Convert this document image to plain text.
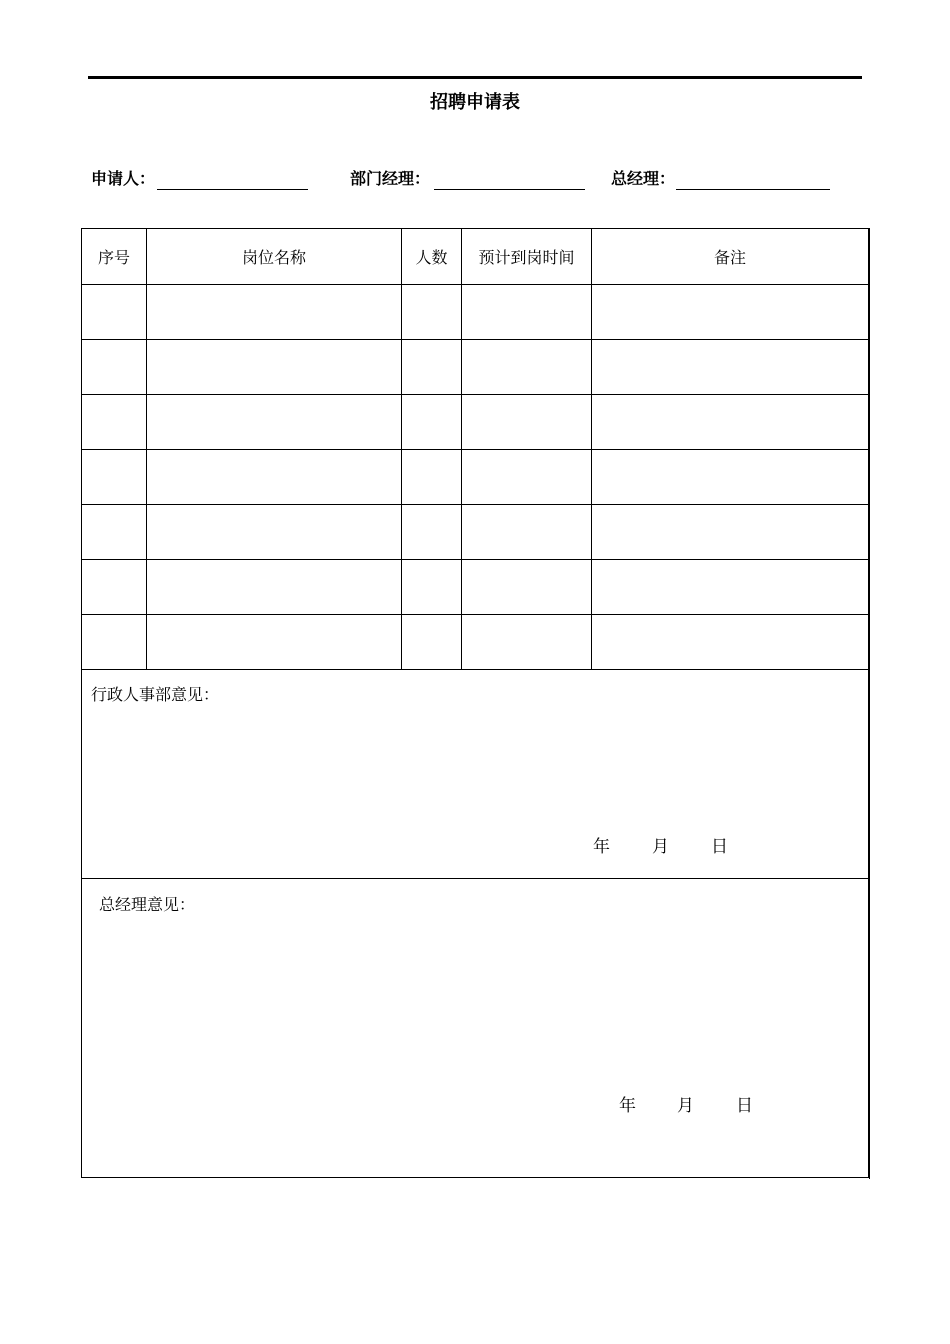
招聘申请表
申请人：	部门经理：	总经理：
序号	岗位名称	人数	预计到岗时间	备注

行政人事部意见：
年 月 日				

总经理意见：
年 月 日				
